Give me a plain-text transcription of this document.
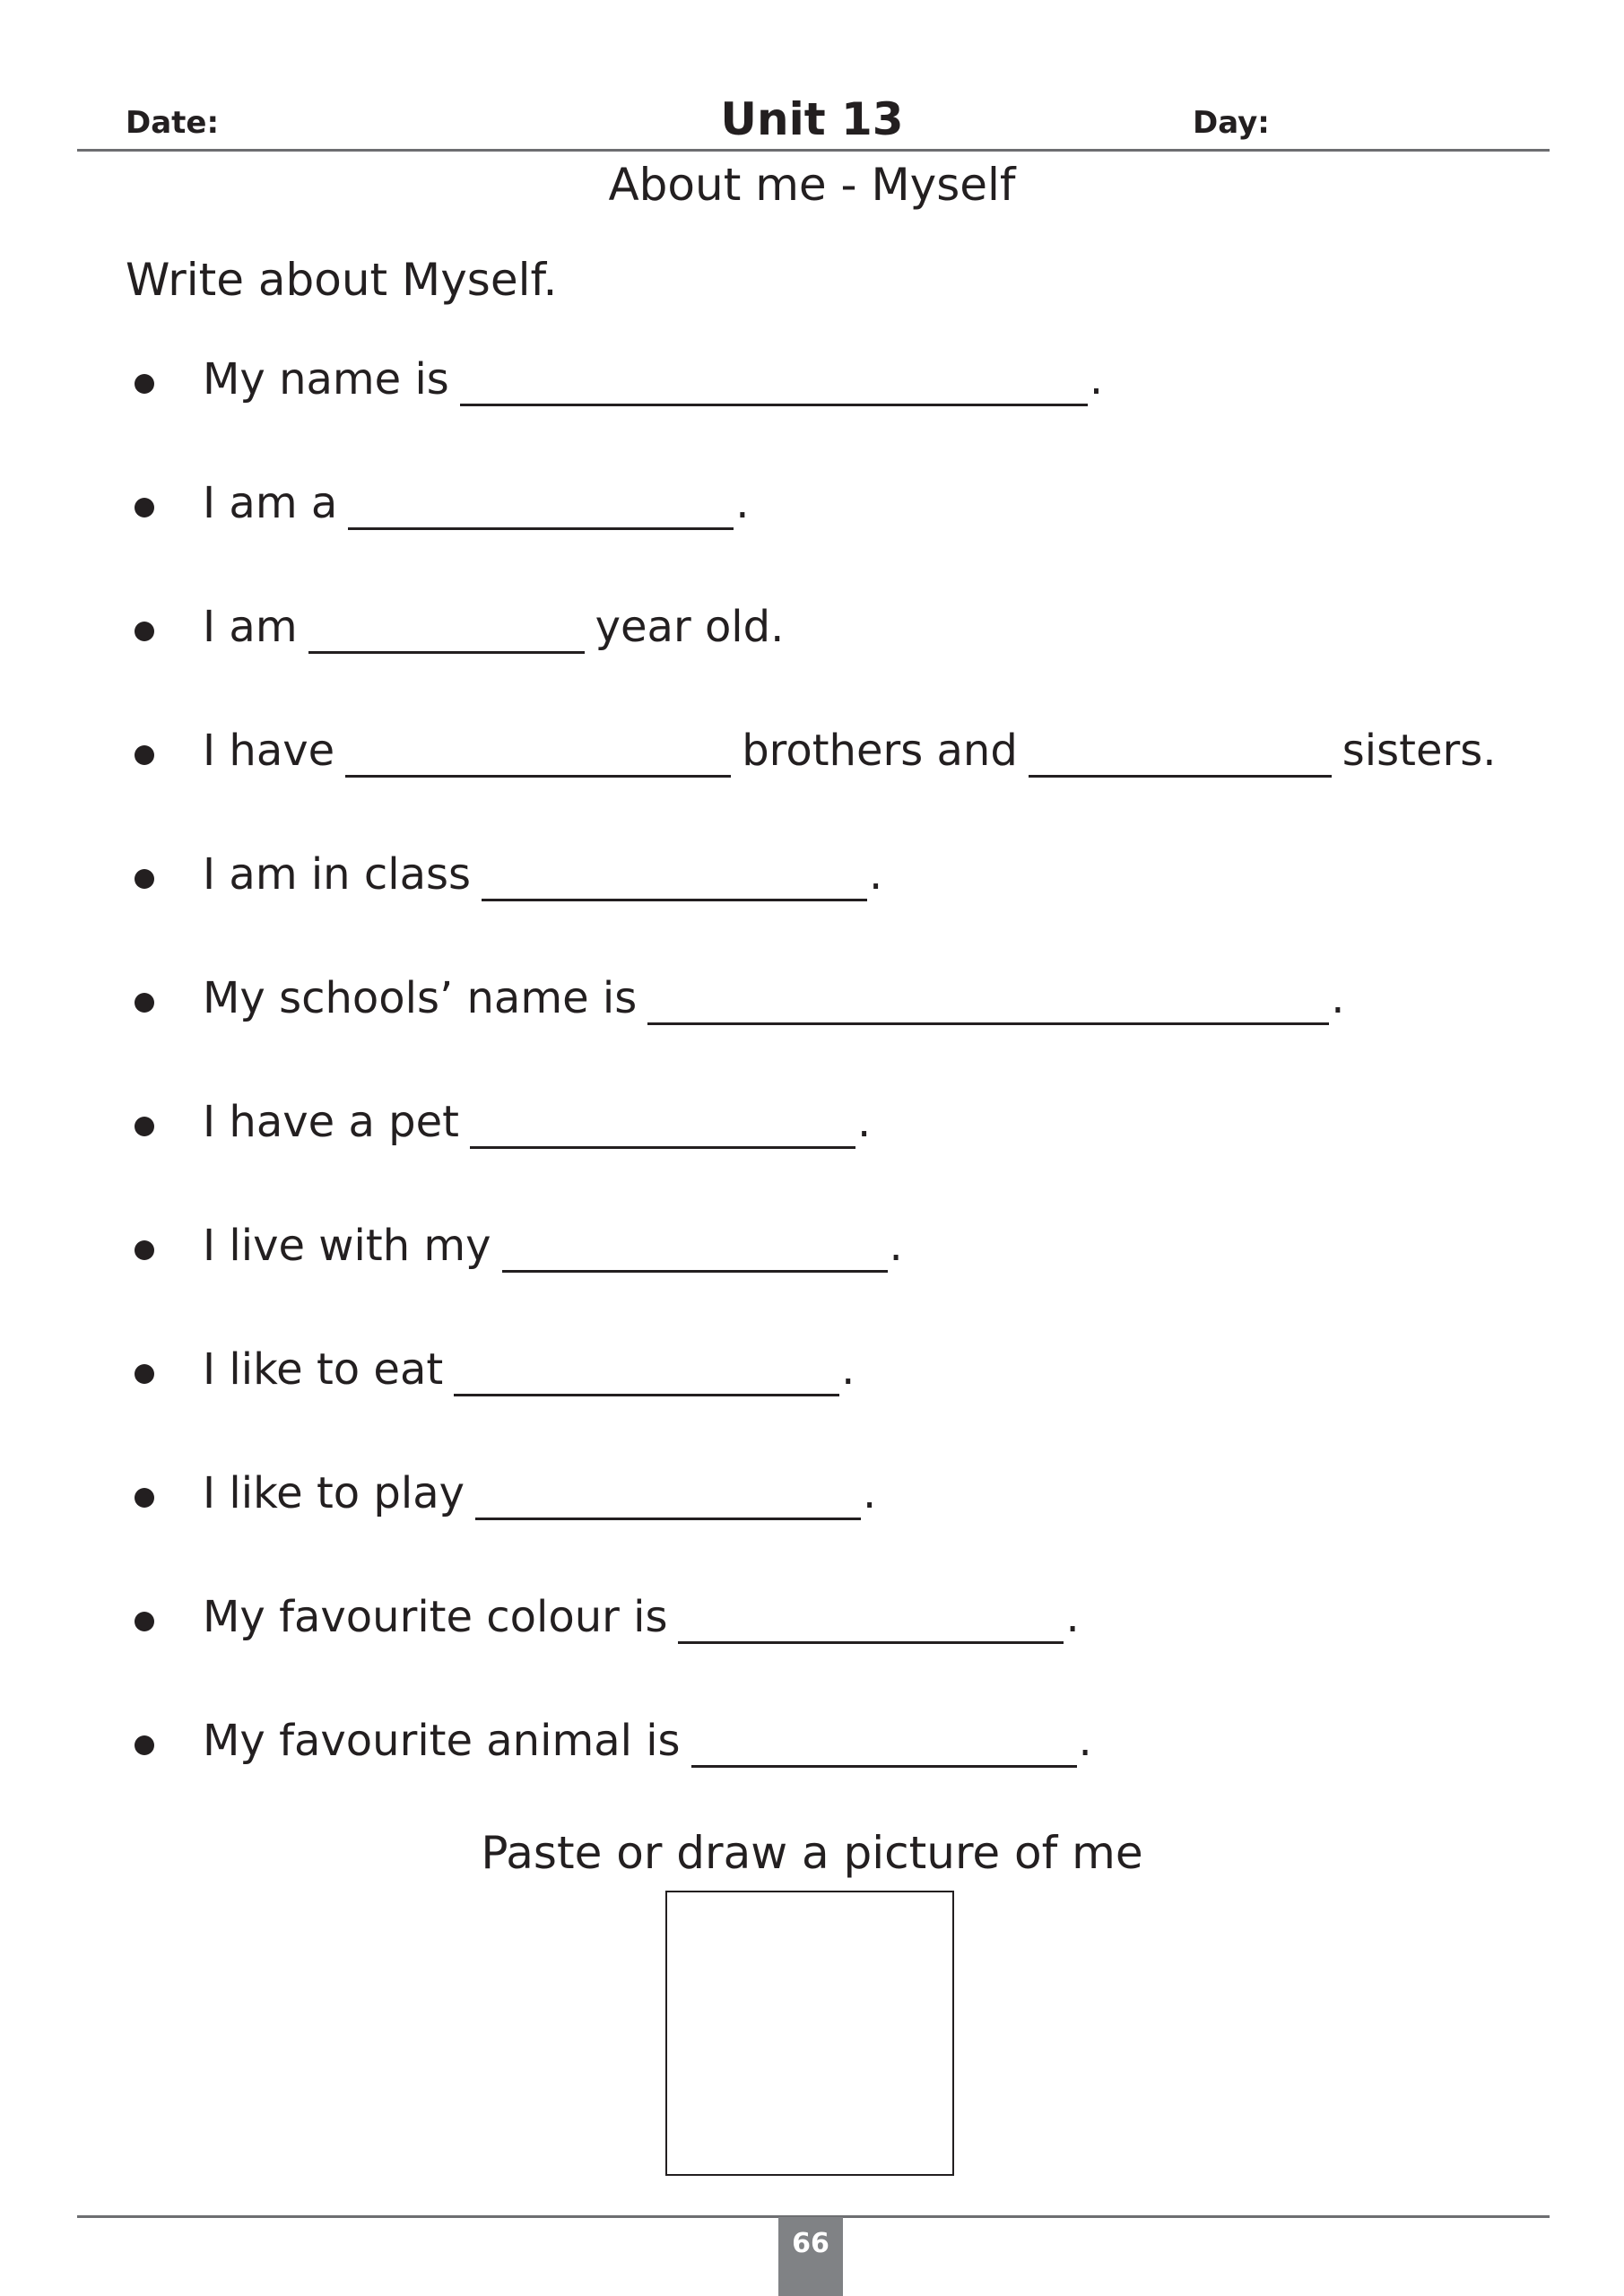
Date:	Unit 13	Day:
About me - Myself
Write about Myself.
My name is	.
I am a	.
I am	year old.
I have	brothers and	sisters.
I am in class	.
My schools’ name is	.
I have a pet	.
I live with my	.
I like to eat	.
I like to play	.
My favourite colour is	.
My favourite animal is	.
Paste or draw a picture of me
66
